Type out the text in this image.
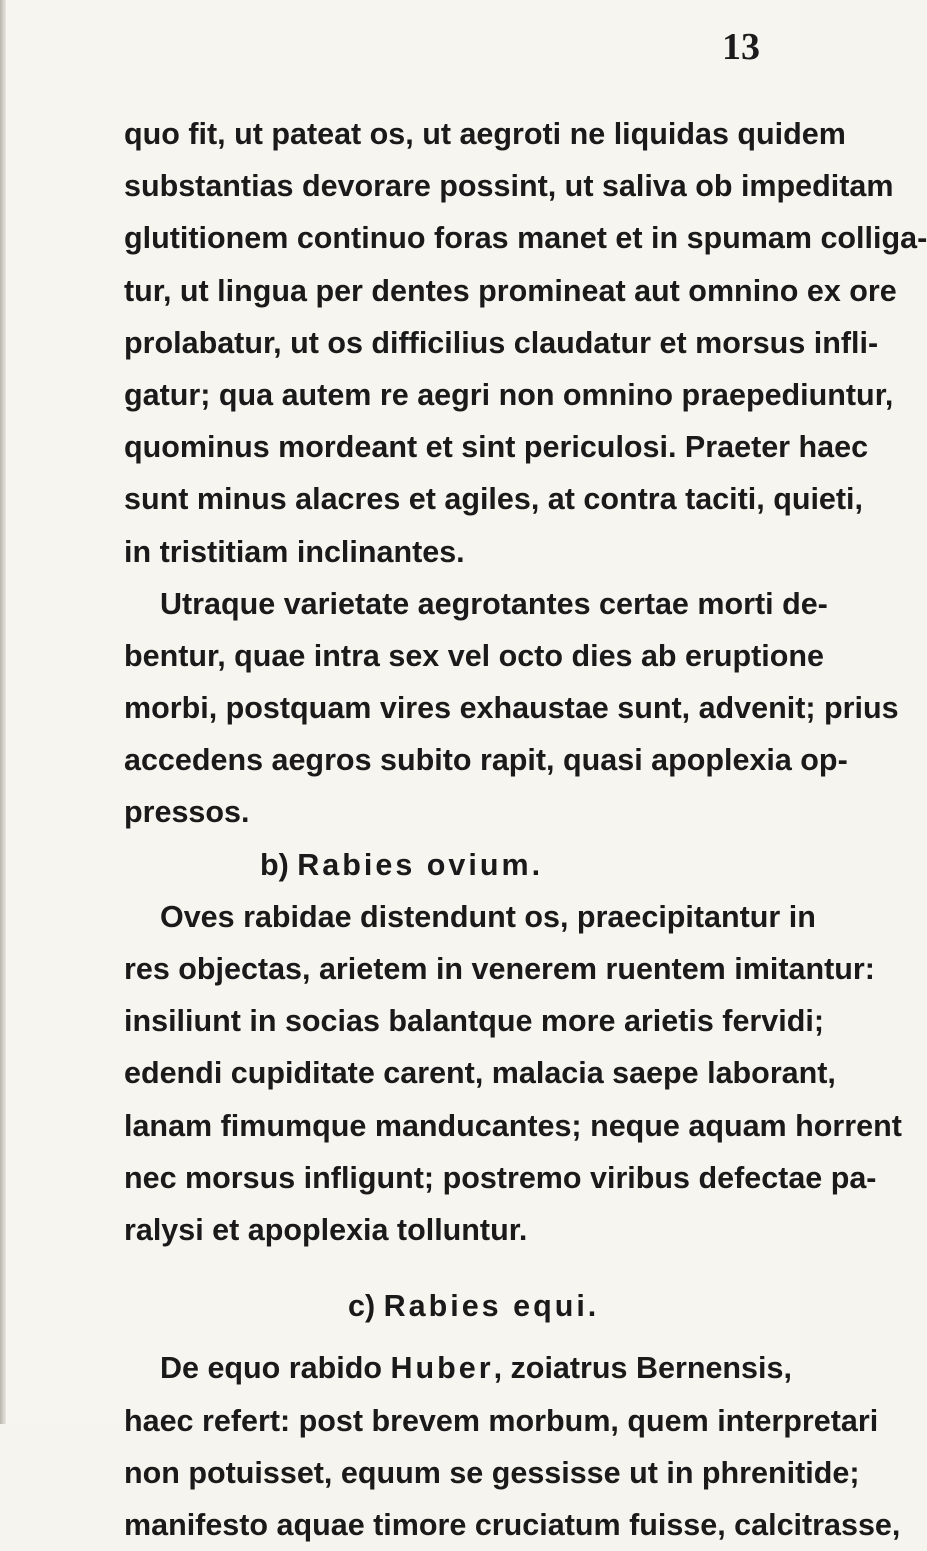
13
quo fit, ut pateat os, ut aegroti ne liquidas quidem
substantias devorare possint, ut saliva ob impeditam
glutitionem continuo foras manet et in spumam colliga-
tur, ut lingua per dentes promineat aut omnino ex ore
prolabatur, ut os difficilius claudatur et morsus infli-
gatur; qua autem re aegri non omnino praepediuntur,
quominus mordeant et sint periculosi. Praeter haec
sunt minus alacres et agiles, at contra taciti, quieti,
in tristitiam inclinantes.
Utraque varietate aegrotantes certae morti de-
bentur, quae intra sex vel octo dies ab eruptione
morbi, postquam vires exhaustae sunt, advenit; prius
accedens aegros subito rapit, quasi apoplexia op-
pressos.
b) Rabies ovium.
Oves rabidae distendunt os, praecipitantur in
res objectas, arietem in venerem ruentem imitantur:
insiliunt in socias balantque more arietis fervidi;
edendi cupiditate carent, malacia saepe laborant,
lanam fimumque manducantes; neque aquam horrent
nec morsus infligunt; postremo viribus defectae pa-
ralysi et apoplexia tolluntur.
c) Rabies equi.
De equo rabido Huber, zoiatrus Bernensis,
haec refert: post brevem morbum, quem interpretari
non potuisset, equum se gessisse ut in phrenitide;
manifesto aquae timore cruciatum fuisse, calcitrasse,
